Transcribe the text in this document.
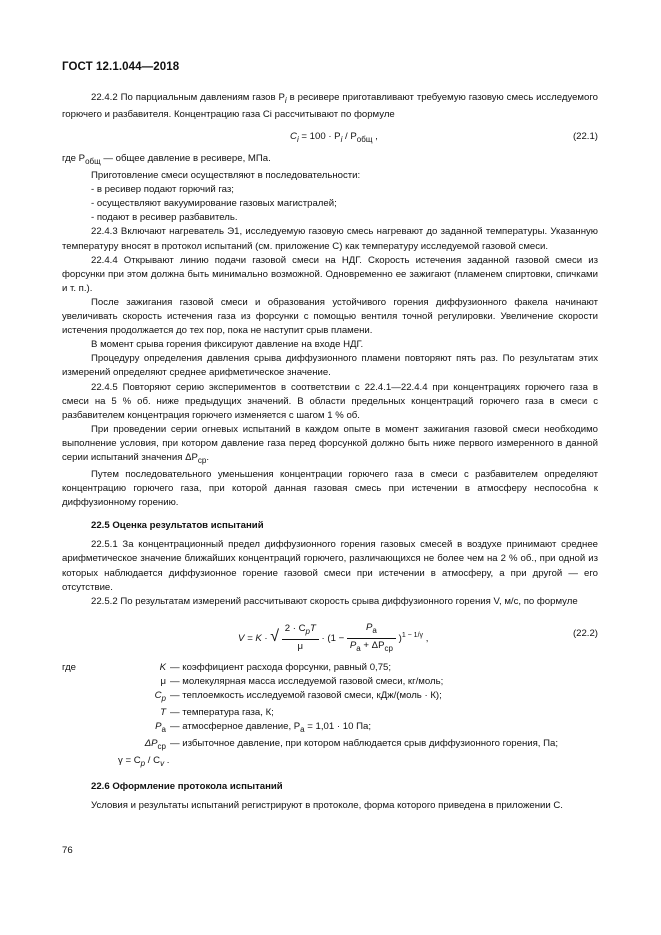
ГОСТ 12.1.044—2018

22.4.2 По парциальным давлениям газов $P_i$ в ресивере приготавливают требуемую газовую смесь исследуемого горючего и разбавителя. Концентрацию газа Ci рассчитывают по формуле

$C_i = 100 \cdot P_i / P_{общ}$ ,	(22.1)

где $P_{общ}$ — общее давление в ресивере, МПа.

Приготовление смеси осуществляют в последовательности:

- в ресивер подают горючий газ;

- осуществляют вакуумирование газовых магистралей;

- подают в ресивер разбавитель.

22.4.3 Включают нагреватель Э1, исследуемую газовую смесь нагревают до заданной температуры. Указанную температуру вносят в протокол испытаний (см. приложение С) как температуру исследуемой газовой смеси.

22.4.4 Открывают линию подачи газовой смеси на НДГ. Скорость истечения заданной газовой смеси из форсунки при этом должна быть минимально возможной. Одновременно ее зажигают (пламенем спиртовки, спичками и т. п.).

После зажигания газовой смеси и образования устойчивого горения диффузионного факела начинают увеличивать скорость истечения газа из форсунки с помощью вентиля точной регулировки. Увеличение скорости истечения продолжается до тех пор, пока не наступит срыв пламени.

В момент срыва горения фиксируют давление на входе НДГ.

Процедуру определения давления срыва диффузионного пламени повторяют пять раз. По результатам этих измерений определяют среднее арифметическое значение.

22.4.5 Повторяют серию экспериментов в соответствии с 22.4.1—22.4.4 при концентрациях горючего газа в смеси на 5 % об. ниже предыдущих значений. В области предельных концентраций горючего газа в смеси с разбавителем концентрация горючего изменяется с шагом 1 % об.

При проведении серии огневых испытаний в каждом опыте в момент зажигания газовой смеси необходимо выполнение условия, при котором давление газа перед форсункой должно быть ниже первого измеренного в данной серии испытаний значения $\Delta P_{ср}$.

Путем последовательного уменьшения концентрации горючего газа в смеси с разбавителем определяют концентрацию горючего газа, при которой данная газовая смесь при истечении в атмосферу неспособна к диффузионному горению.

22.5 Оценка результатов испытаний

22.5.1 За концентрационный предел диффузионного горения газовых смесей в воздухе принимают среднее арифметическое значение ближайших концентраций горючего, различающихся не более чем на 2 % об., при одной из которых наблюдается диффузионное горение газовой смеси при истечении в атмосферу, а при другой — его отсутствие.

22.5.2 По результатам измерений рассчитывают скорость срыва диффузионного горения V, м/с, по формуле

V = K · √ $\frac{2 \cdot C_pT}{\mu} \cdot (1 - \frac{P_a}{P_a + \Delta P_{ср}} )^{1 - 1/\gamma}$ ,	(22.2)
где	K — коэффициент расхода форсунки, равный 0,75;
μ — молекулярная масса исследуемой газовой смеси, кг/моль;
$C_p$ — теплоемкость исследуемой газовой смеси, кДж/(моль · К);
T — температура газа, К;
$P_a$ — атмосферное давление, $P_a = 1,01 \cdot 10$ Па;
$\Delta P_{ср}$ — избыточное давление, при котором наблюдается срыв диффузионного горения, Па;
$\gamma = C_p / C_v$ .

22.6 Оформление протокола испытаний

Условия и результаты испытаний регистрируют в протоколе, форма которого приведена в приложении С.

76
